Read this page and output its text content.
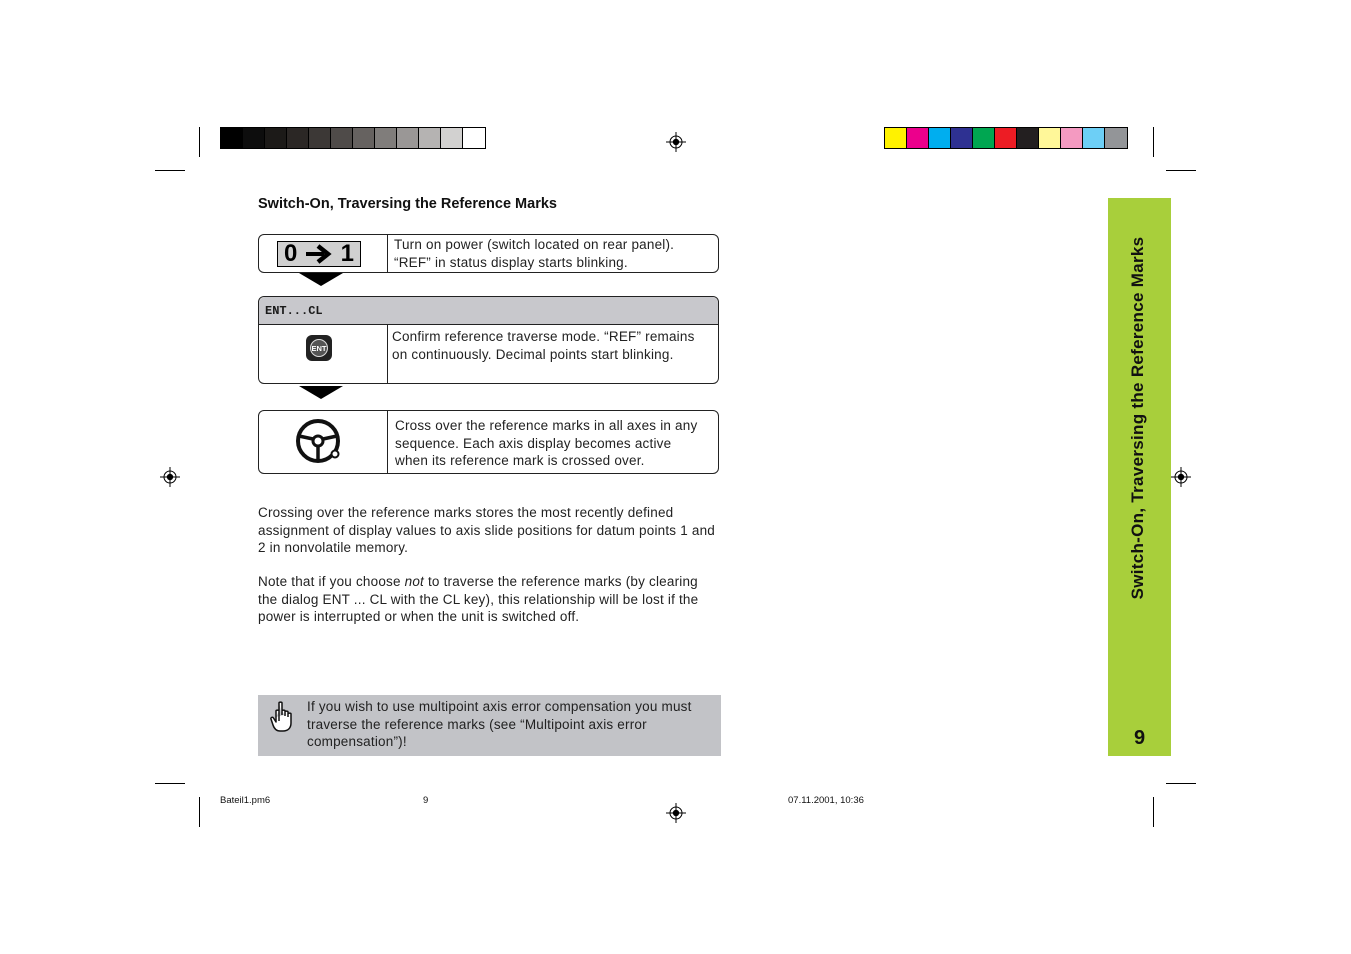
Switch-On, Traversing the Reference Marks
0 1	Turn on power (switch located on rear panel).
“REF” in status display starts blinking.
ENT...CL
ENT
Confirm reference traverse mode. “REF” remains on continuously. Decimal points start blinking.
Cross over the reference marks in all axes in any sequence. Each axis display becomes active when its reference mark is crossed over.
Crossing over the reference marks stores the most recently defined assignment of display values to axis slide positions for datum points 1 and 2 in nonvolatile memory.
Note that if you choose not to traverse the reference marks (by clearing the dialog ENT ... CL with the CL key), this relationship will be lost if the power is interrupted or when the unit is switched off.
If you wish to use multipoint axis error compensation you must traverse the reference marks (see “Multipoint axis error compensation”)!
Switch-On, Traversing the Reference Marks
9
Bateil1.pm6	9	07.11.2001, 10:36
